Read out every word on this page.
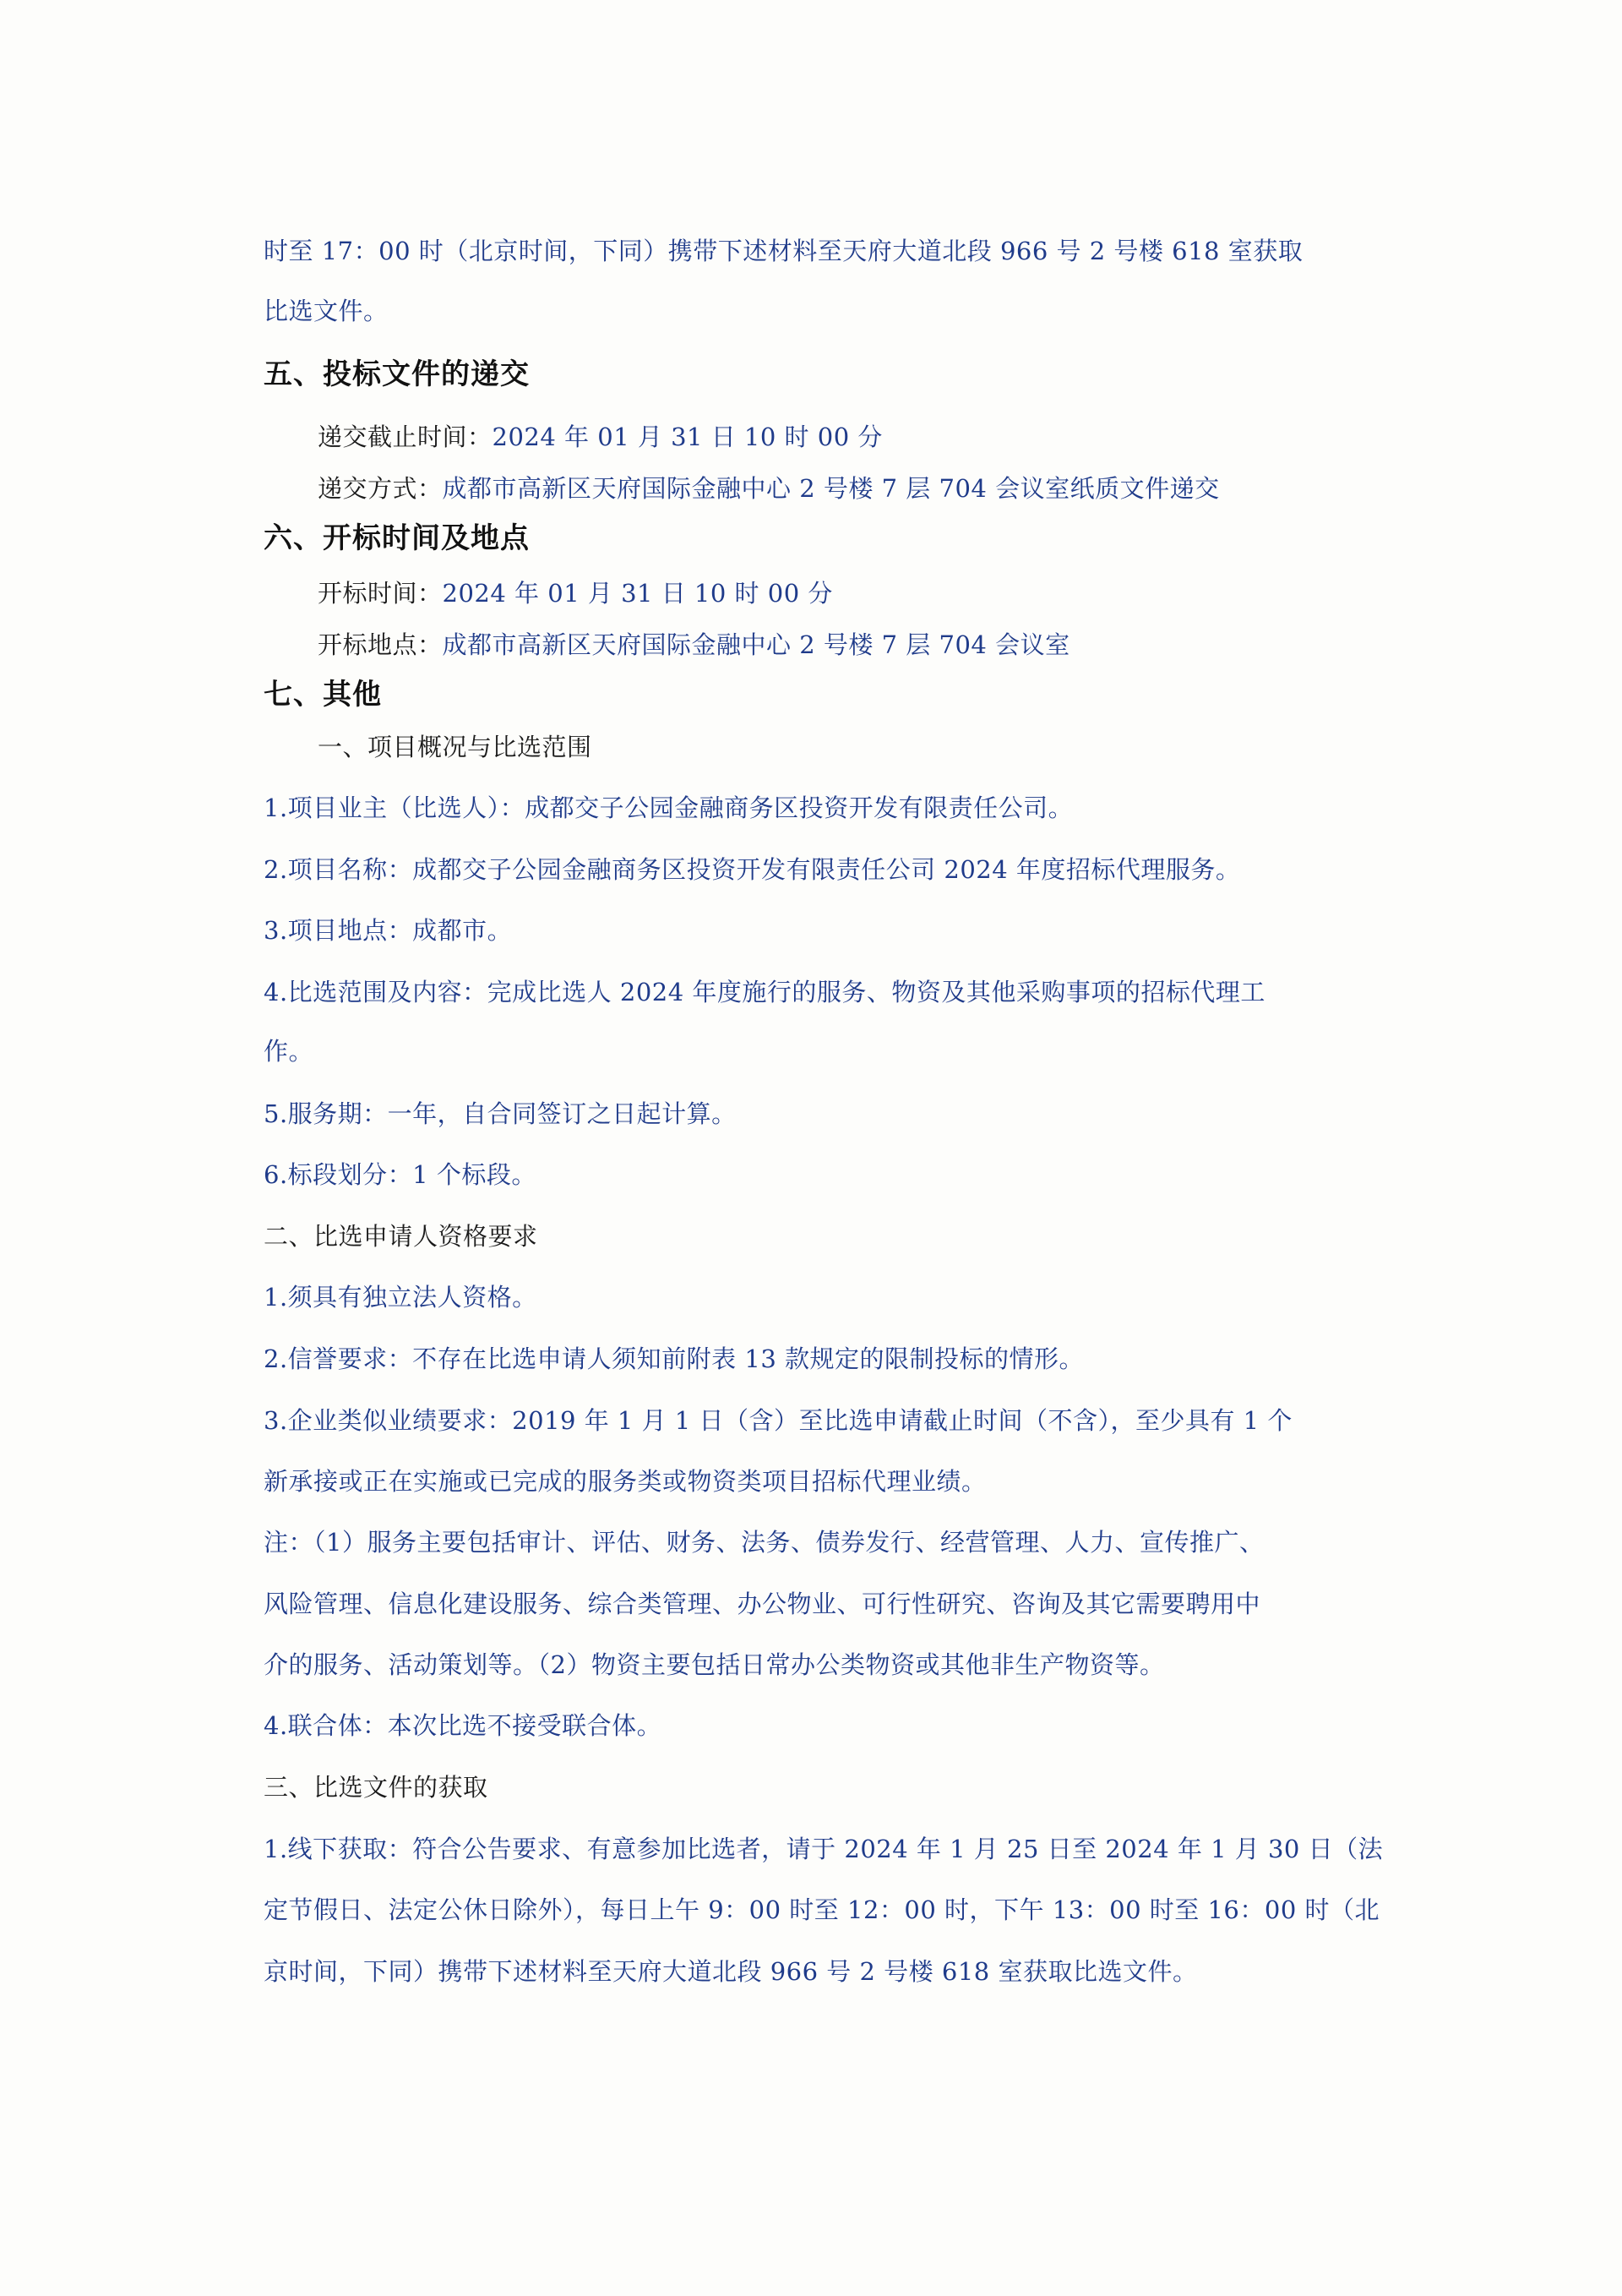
时至 17：00 时（北京时间，下同）携带下述材料至天府大道北段 966 号 2 号楼 618 室获取
比选文件。
五、投标文件的递交
递交截止时间：2024 年 01 月 31 日 10 时 00 分
递交方式：成都市高新区天府国际金融中心 2 号楼 7 层 704 会议室纸质文件递交
六、开标时间及地点
开标时间：2024 年 01 月 31 日 10 时 00 分
开标地点：成都市高新区天府国际金融中心 2 号楼 7 层 704 会议室
七、其他
一、项目概况与比选范围
1.项目业主（比选人）：成都交子公园金融商务区投资开发有限责任公司。
2.项目名称：成都交子公园金融商务区投资开发有限责任公司 2024 年度招标代理服务。
3.项目地点：成都市。
4.比选范围及内容：完成比选人 2024 年度施行的服务、物资及其他采购事项的招标代理工
作。
5.服务期：一年，自合同签订之日起计算。
6.标段划分：1 个标段。
二、比选申请人资格要求
1.须具有独立法人资格。
2.信誉要求：不存在比选申请人须知前附表 13 款规定的限制投标的情形。
3.企业类似业绩要求：2019 年 1 月 1 日（含）至比选申请截止时间（不含），至少具有 1 个
新承接或正在实施或已完成的服务类或物资类项目招标代理业绩。
注：（1）服务主要包括审计、评估、财务、法务、债券发行、经营管理、人力、宣传推广、
风险管理、信息化建设服务、综合类管理、办公物业、可行性研究、咨询及其它需要聘用中
介的服务、活动策划等。（2）物资主要包括日常办公类物资或其他非生产物资等。
4.联合体：本次比选不接受联合体。
三、比选文件的获取
1.线下获取：符合公告要求、有意参加比选者，请于 2024 年 1 月 25 日至 2024 年 1 月 30 日（法
定节假日、法定公休日除外），每日上午 9：00 时至 12：00 时，下午 13：00 时至 16：00 时（北
京时间，下同）携带下述材料至天府大道北段 966 号 2 号楼 618 室获取比选文件。
